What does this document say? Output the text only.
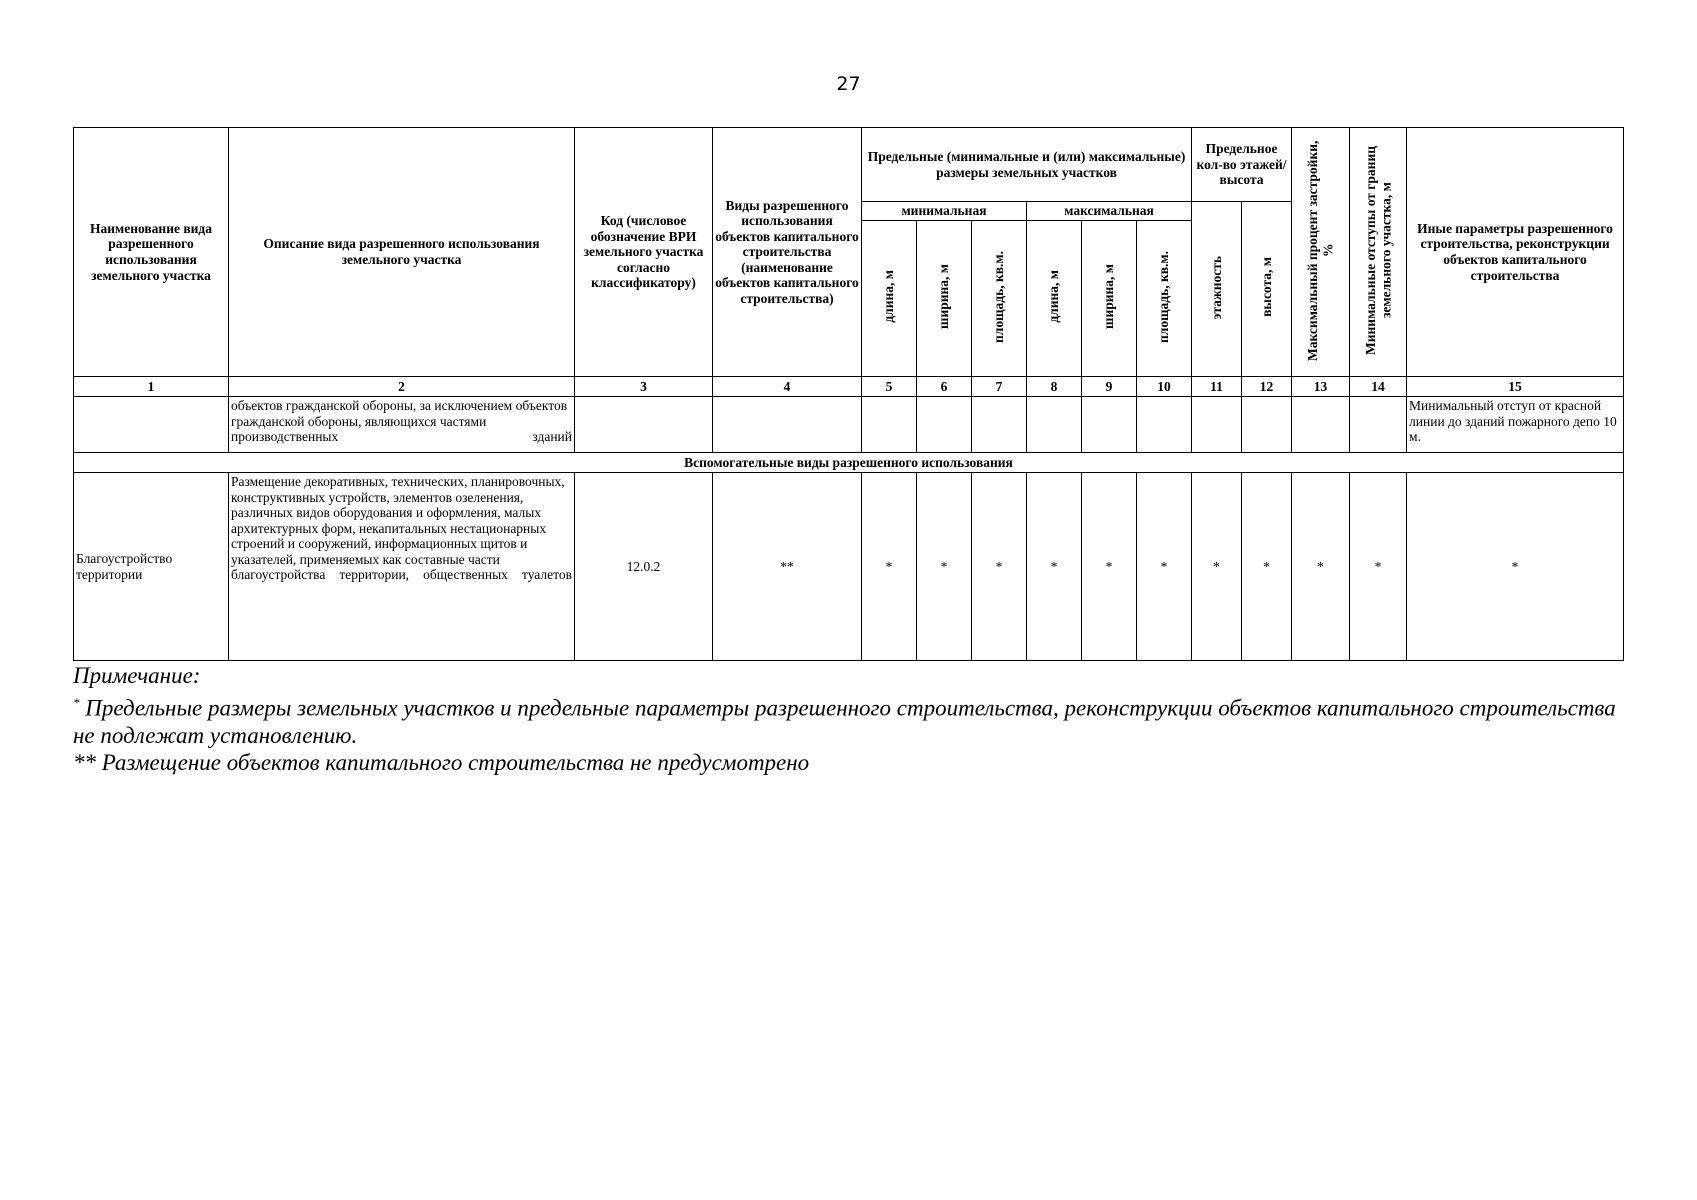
27
Наименование вида разрешенного использования земельного участка	Описание вида разрешенного использования земельного участка	Код (числовое обозначение ВРИ земельного участка согласно классификатору)	Виды разрешенного использования объектов капитального строительства (наименование объектов капитального строительства)	Предельные (минимальные и (или) максимальные) размеры земельных участков						Предельное кол-во этажей/ высота		Максимальный процент застройки, %	Минимальные отступы от границ земельного участка, м	Иные параметры разрешенного строительства, реконструкции объектов капитального строительства
				минимальная			максимальная			этажность	высота, м			
				длина, м	ширина, м	площадь, кв.м.	длина, м	ширина, м	площадь, кв.м.					
1	2	3	4	5	6	7	8	9	10	11	12	13	14	15
	объектов гражданской обороны, за исключением объектов гражданской обороны, являющихся частями производственных зданий													Минимальный отступ от красной линии до зданий пожарного депо 10 м.
Вспомогательные виды разрешенного использования														
Благоустройство территории	Размещение декоративных, технических, планировочных, конструктивных устройств, элементов озеленения, различных видов оборудования и оформления, малых архитектурных форм, некапитальных нестационарных строений и сооружений, информационных щитов и указателей, применяемых как составные части благоустройства территории, общественных туалетов	12.0.2	**	*	*	*	*	*	*	*	*	*	*	*
Примечание:
* Предельные размеры земельных участков и предельные параметры разрешенного строительства, реконструкции объектов капитального строительства не подлежат установлению.
** Размещение объектов капитального строительства не предусмотрено
